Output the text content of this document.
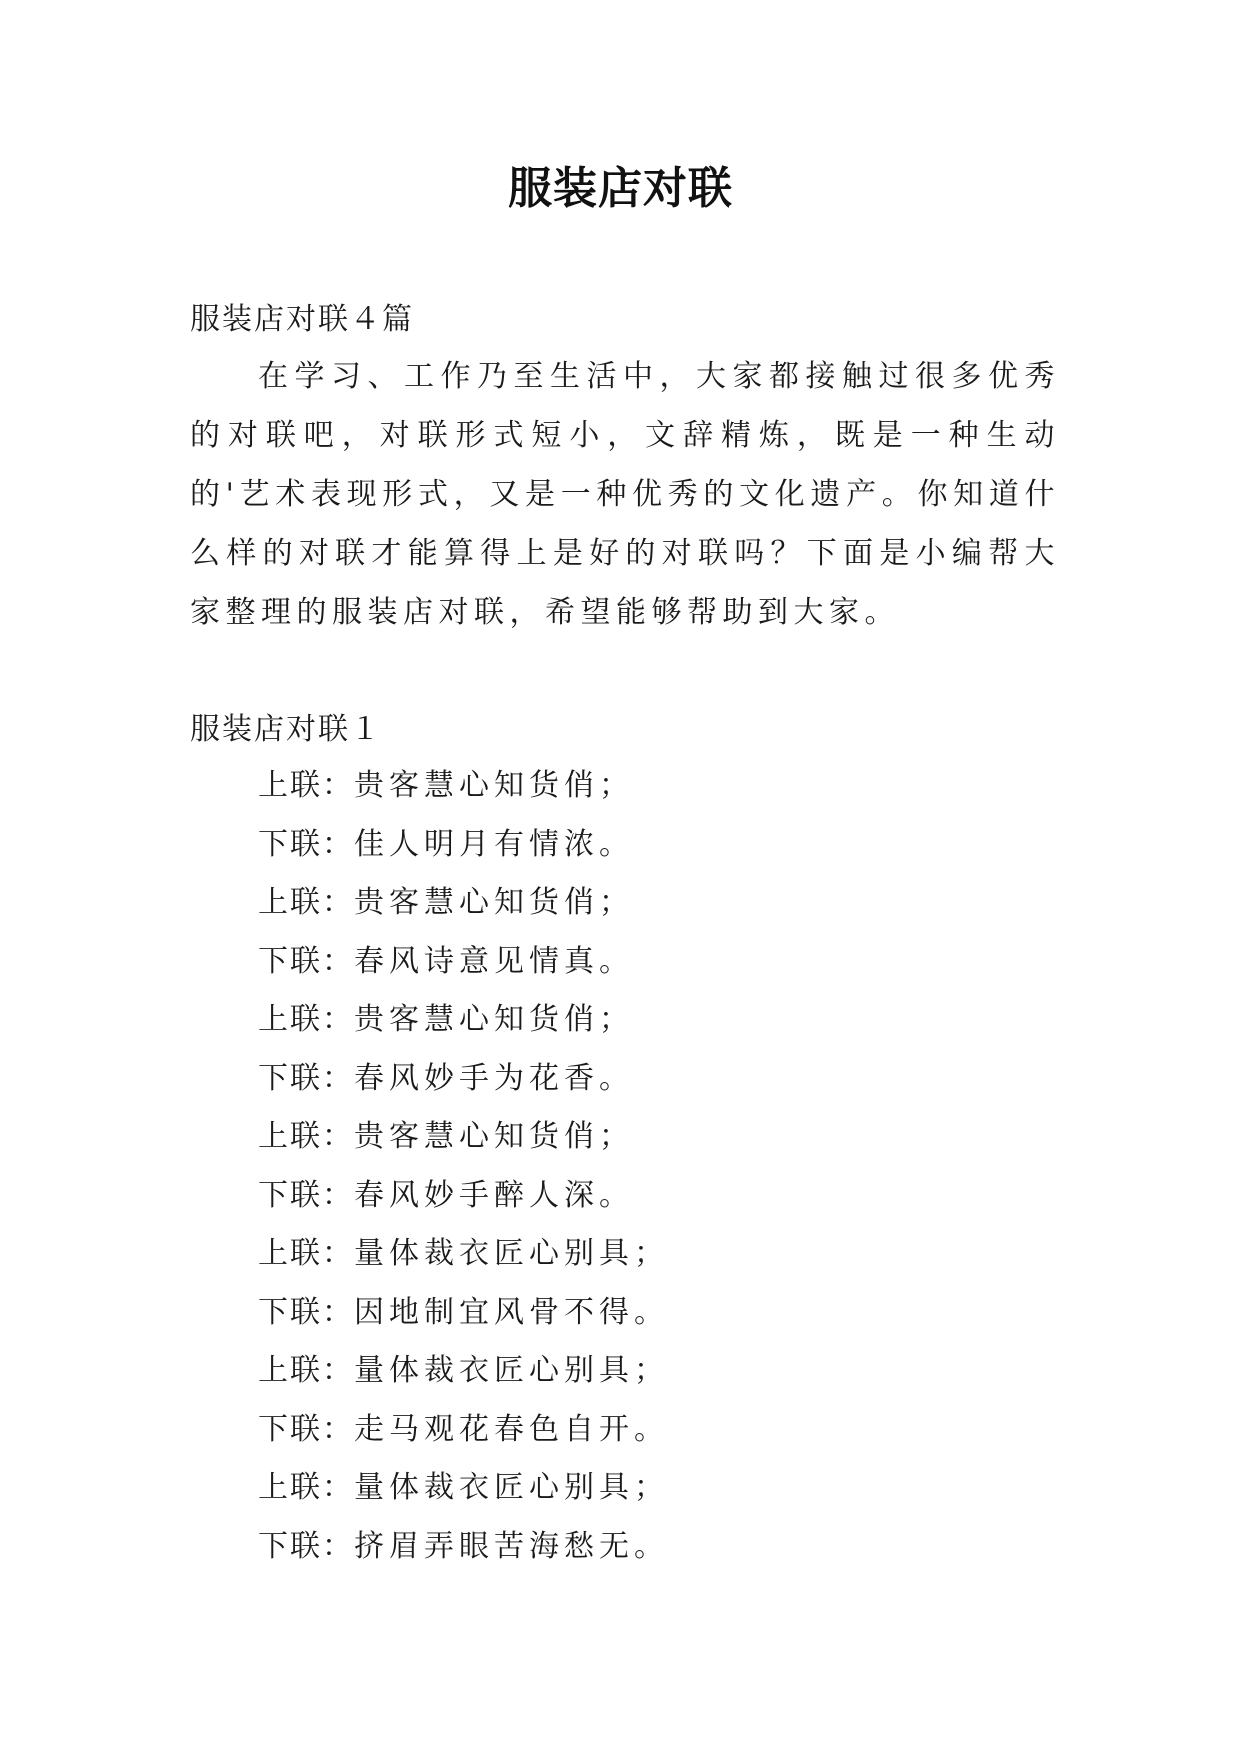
服装店对联

服装店对联４篇

在学习、工作乃至生活中，大家都接触过很多优秀的对联吧，对联形式短小，文辞精炼，既是一种生动的'艺术表现形式，又是一种优秀的文化遗产。你知道什么样的对联才能算得上是好的对联吗？下面是小编帮大家整理的服装店对联，希望能够帮助到大家。

服装店对联１

上联：贵客慧心知货俏；
下联：佳人明月有情浓。
上联：贵客慧心知货俏；
下联：春风诗意见情真。
上联：贵客慧心知货俏；
下联：春风妙手为花香。
上联：贵客慧心知货俏；
下联：春风妙手醉人深。
上联：量体裁衣匠心别具；
下联：因地制宜风骨不得。
上联：量体裁衣匠心别具；
下联：走马观花春色自开。
上联：量体裁衣匠心别具；
下联：挤眉弄眼苦海愁无。
